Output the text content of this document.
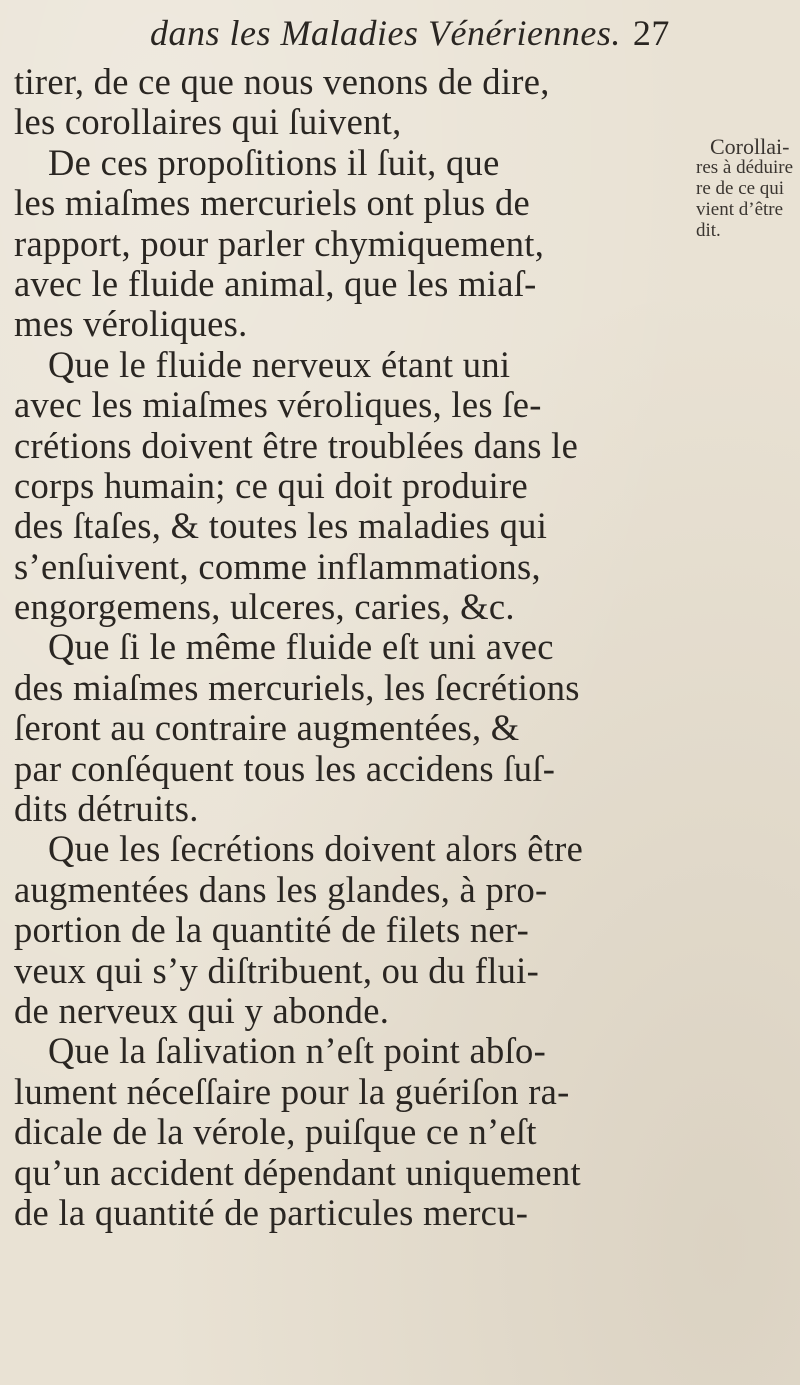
dans les Maladies Vénériennes. 27
tirer, de ce que nous venons de dire,
les corollaires qui ſuivent,
De ces propoſitions il ſuit, que
les miaſmes mercuriels ont plus de
rapport, pour parler chymiquement,
avec le fluide animal, que les miaſ-
mes véroliques.
Que le fluide nerveux étant uni
avec les miaſmes véroliques, les ſe-
crétions doivent être troublées dans le
corps humain; ce qui doit produire
des ſtaſes, & toutes les maladies qui
s’enſuivent, comme inflammations,
engorgemens, ulceres, caries, &c.
Que ſi le même fluide eſt uni avec
des miaſmes mercuriels, les ſecrétions
ſeront au contraire augmentées, &
par conſéquent tous les accidens ſuſ-
dits détruits.
Que les ſecrétions doivent alors être
augmentées dans les glandes, à pro-
portion de la quantité de filets ner-
veux qui s’y diſtribuent, ou du flui-
de nerveux qui y abonde.
Que la ſalivation n’eſt point abſo-
lument néceſſaire pour la guériſon ra-
dicale de la vérole, puiſque ce n’eſt
qu’un accident dépendant uniquement
de la quantité de particules mercu-
Corollai-
res à déduire
re de ce qui
vient d’être
dit.
